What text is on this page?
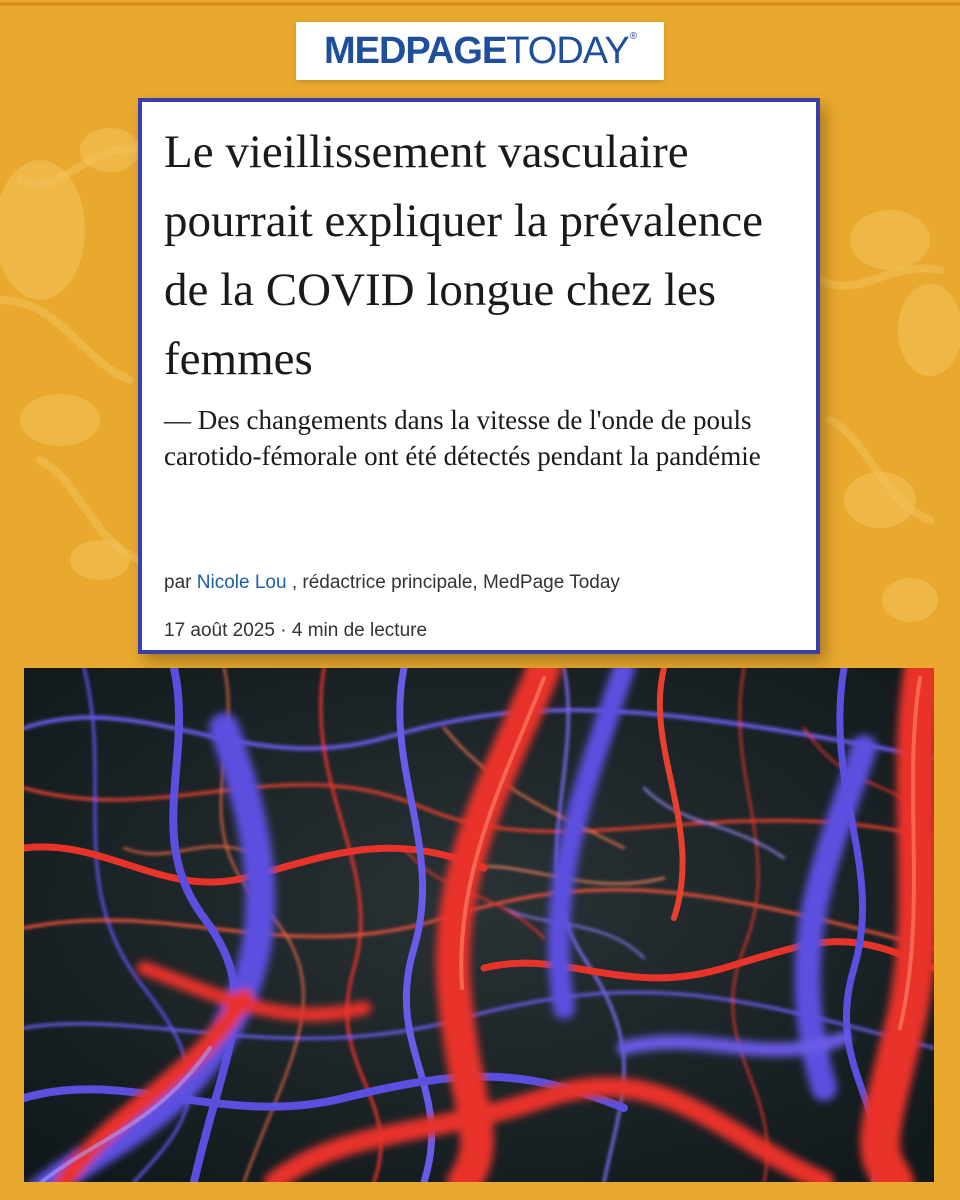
MEDPAGETODAY®
Le vieillissement vasculaire pourrait expliquer la prévalence de la COVID longue chez les femmes

— Des changements dans la vitesse de l'onde de pouls carotido-fémorale ont été détectés pendant la pandémie

par Nicole Lou , rédactrice principale, MedPage Today
17 août 2025 · 4 min de lecture
